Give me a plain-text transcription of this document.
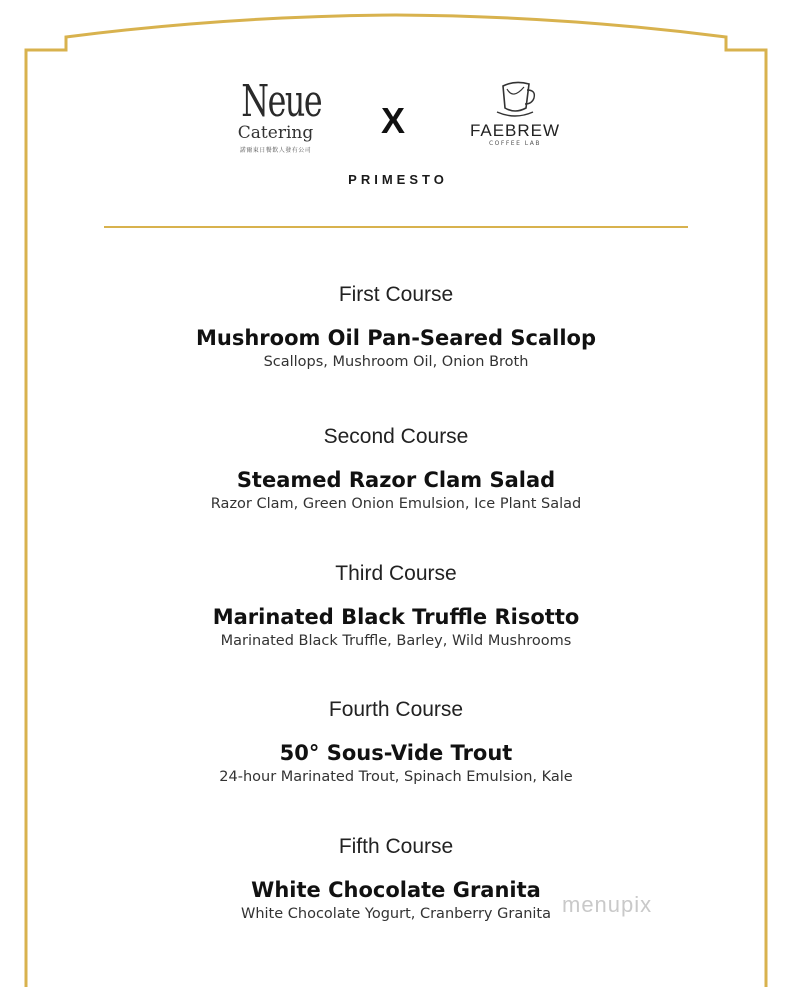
Neue
Catering
諾爾東日餐飲人發有公司
X	FAEBREW
COFFEE LAB
PRIMESTO
First Course
Mushroom Oil Pan-Seared Scallop
Scallops, Mushroom Oil, Onion Broth
Second Course
Steamed Razor Clam Salad
Razor Clam, Green Onion Emulsion, Ice Plant Salad
Third Course
Marinated Black Truffle Risotto
Marinated Black Truffle, Barley, Wild Mushrooms
Fourth Course
50° Sous-Vide Trout
24-hour Marinated Trout, Spinach Emulsion, Kale
Fifth Course
White Chocolate Granita
White Chocolate Yogurt, Cranberry Granita menupix
